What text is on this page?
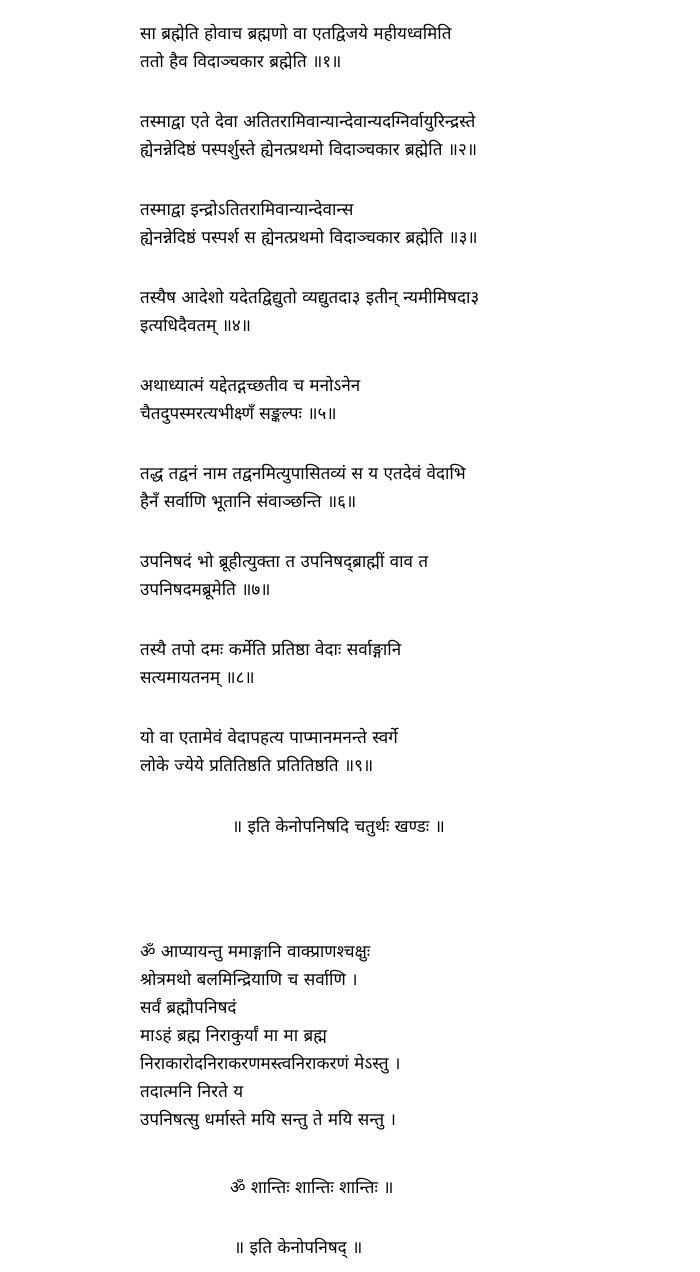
सा ब्रह्मेति होवाच ब्रह्मणो वा एतद्विजये महीयध्वमिति
ततो हैव विदाञ्चकार ब्रह्मेति ॥१॥
तस्माद्वा एते देवा अतितरामिवान्यान्देवान्यदग्निर्वायुरिन्द्रस्ते
ह्येनन्नेदिष्ठं पस्पर्शुस्ते ह्येनत्प्रथमो विदाञ्चकार ब्रह्मेति ॥२॥
तस्माद्वा इन्द्रोऽतितरामिवान्यान्देवान्स
ह्येनन्नेदिष्ठं पस्पर्श स ह्येनत्प्रथमो विदाञ्चकार ब्रह्मेति ॥३॥
तस्यैष आदेशो यदेतद्विद्युतो व्यद्युतदा३ इतीन् न्यमीमिषदा३
इत्यधिदैवतम् ॥४॥
अथाध्यात्मं यद्देतद्गच्छतीव च मनोऽनेन
चैतदुपस्मरत्यभीक्ष्णँ सङ्कल्पः ॥५॥
तद्ध तद्वनं नाम तद्वनमित्युपासितव्यं स य एतदेवं वेदाभि
हैनँ सर्वाणि भूतानि संवाञ्छन्ति ॥६॥
उपनिषदं भो ब्रूहीत्युक्ता त उपनिषद्ब्राह्मीं वाव त
उपनिषदमब्रूमेति ॥७॥
तस्यै तपो दमः कर्मेति प्रतिष्ठा वेदाः सर्वाङ्गानि
सत्यमायतनम् ॥८॥
यो वा एतामेवं वेदापहत्य पाप्मानमनन्ते स्वर्गे
लोके ज्येये प्रतितिष्ठति प्रतितिष्ठति ॥९॥
॥ इति केनोपनिषदि चतुर्थः खण्डः ॥
ॐ आप्यायन्तु ममाङ्गानि वाक्प्राणश्चक्षुः
श्रोत्रमथो बलमिन्द्रियाणि च सर्वाणि ।
सर्वं ब्रह्मौपनिषदं
माऽहं ब्रह्म निराकुर्यां मा मा ब्रह्म
निराकारोदनिराकरणमस्त्वनिराकरणं मेऽस्तु ।
तदात्मनि निरते य
उपनिषत्सु धर्मास्ते मयि सन्तु ते मयि सन्तु ।
ॐ शान्तिः शान्तिः शान्तिः ॥
॥ इति केनोपनिषद् ॥
